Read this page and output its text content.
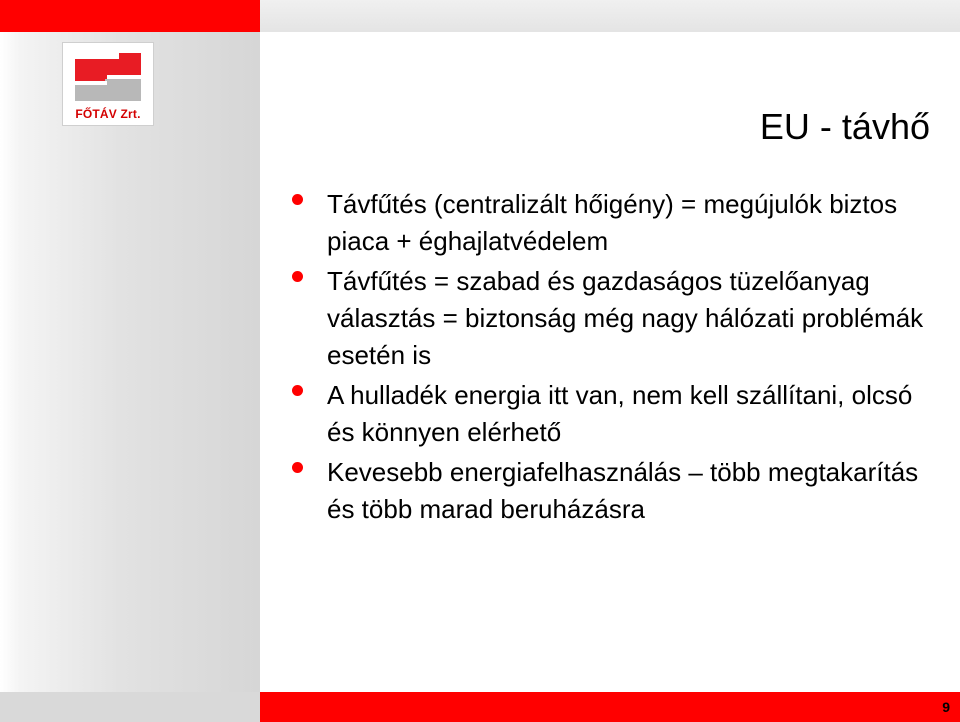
FŐTÁV Zrt.	EU - távhő
Távfűtés (centralizált hőigény) = megújulók biztos piaca + éghajlatvédelem
Távfűtés = szabad és gazdaságos tüzelőanyag választás = biztonság még nagy hálózati problémák esetén is
A hulladék energia itt van, nem kell szállítani, olcsó és könnyen elérhető
Kevesebb energiafelhasználás – több megtakarítás és több marad beruházásra
9
